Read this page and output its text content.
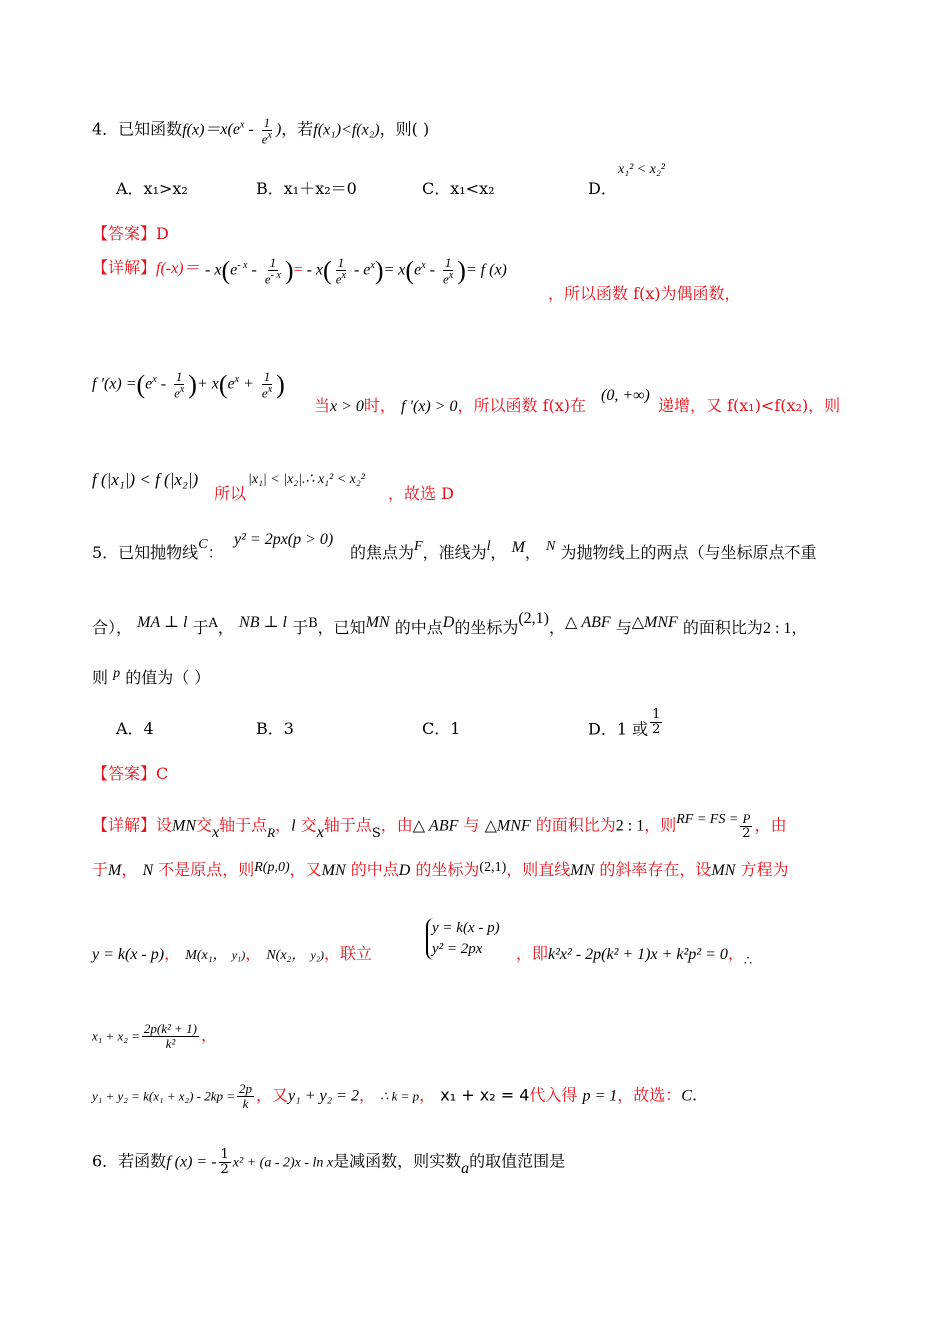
4．已知函数$f(x)=x(e^x - \frac{1}{e^x}$ )，若f(x₁)<f(x₂)，则( )
A．x₁>x₂	B．x₁＋x₂＝0	C．x₁<x₂	D．
x₁² < x₂²
【答案】D
【详解】$f(-x)= - x(e^{- x} - \frac{1}{e^{- x}}$ )= - $x( \frac{1}{e^x} - e^x)= x(e^x - \frac{1}{e^x}$ )= f (x)
，所以函数 f(x)为偶函数，
f $'(x) =(e^x - \frac{1}{e^x}$ )+ $x(e^x + \frac{1}{e^x}$ )
当x > 0时， f ′(x) > 0，所以函数 f(x)在
(0, +∞)
递增，又 f(x₁)<f(x₂)，则
f (|x₁|) < f (|x₂|)
所以
|x₁| < |x₂|.∴ x₁² < x₂²
，故选 D
5．已知抛物线C：
y² = 2px(p > 0)
的焦点为F，准线为l， M， N 为抛物线上的两点（与坐标原点不重
合）， MA ⊥ l 于$^A$， NB ⊥ l 于$^B$，已知MN 的中点D的坐标为(2,1)，△ ABF 与△MNF 的面积比为2 : 1，
则 p 的值为（ ）
A．4	B．3	C．1	D．1 或 $\frac{1}{2}$
【答案】C
【详解】设MN交x轴于点$_R$，l 交x轴于点$_S$，由△ ABF 与 △MNF 的面积比为2 : 1，则RF = FS = $\frac{P}{2}$ ，由
于M， N 不是原点，则R(p,0)，又MN 的中点D 的坐标为(2,1)，则直线MN 的斜率存在，设MN 方程为
y = k(x - p)， M(x₁， y₁)， N(x₂， y₂)，联立
y = k(x - p)
y² = 2px	，即k²x² - 2p(k² + 1)x + k²p² = 0，$_\therefore$
$x_1 + x_2 = \frac{\text{2p(k² + 1)}}{\text{k²}}$ ，
$y_1 + y_2 = k(x_1 + x_2) - 2kp = \frac{2p}{k}$ ，又y₁ + y₂ = 2， ∴ k = p， x₁ + x₂ = 4代入得 p = 1，故选：C.
6．若函数f (x) = - $\frac{1}{2} x^2 + (a - 2)x - \ln x$是减函数，则实数a的取值范围是
